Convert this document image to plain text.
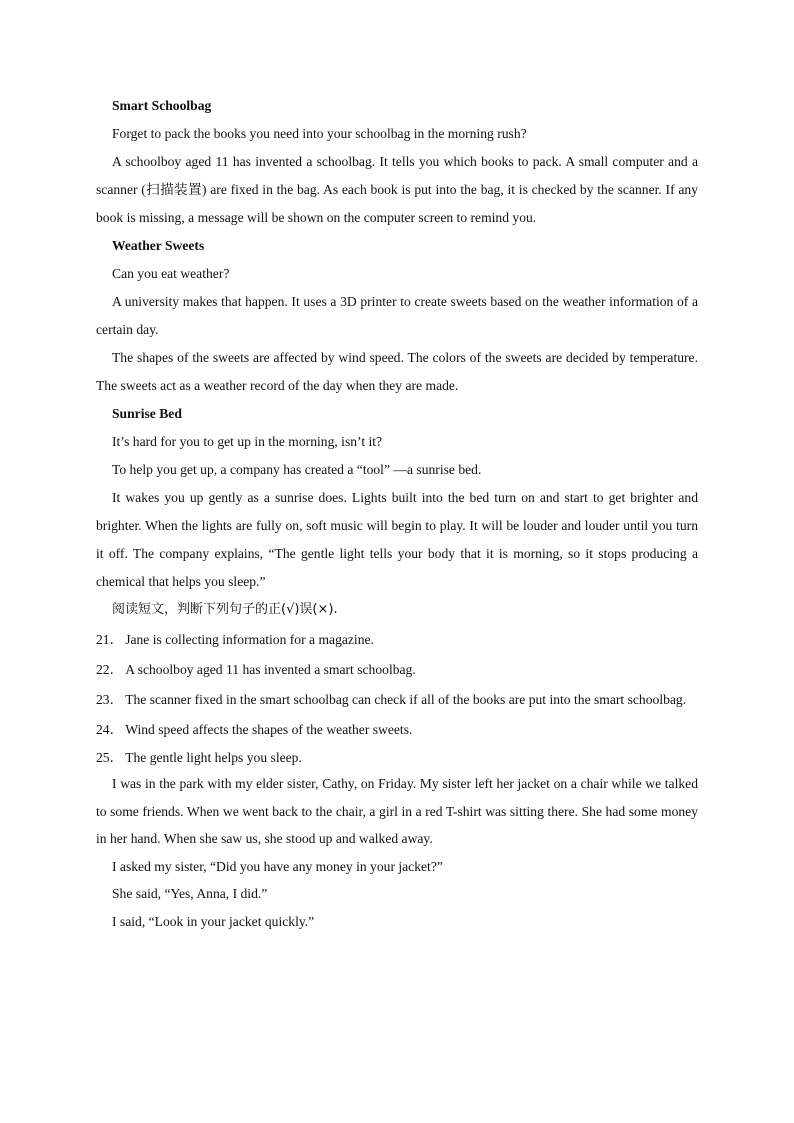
Smart Schoolbag

Forget to pack the books you need into your schoolbag in the morning rush?

A schoolboy aged 11 has invented a schoolbag. It tells you which books to pack. A small computer and a scanner (扫描装置) are fixed in the bag. As each book is put into the bag, it is checked by the scanner. If any book is missing, a message will be shown on the computer screen to remind you.

Weather Sweets

Can you eat weather?

A university makes that happen. It uses a 3D printer to create sweets based on the weather information of a certain day.

The shapes of the sweets are affected by wind speed. The colors of the sweets are decided by temperature. The sweets act as a weather record of the day when they are made.

Sunrise Bed

It’s hard for you to get up in the morning, isn’t it?

To help you get up, a company has created a “tool” —a sunrise bed.

It wakes you up gently as a sunrise does. Lights built into the bed turn on and start to get brighter and brighter. When the lights are fully on, soft music will begin to play. It will be louder and louder until you turn it off. The company explains, “The gentle light tells your body that it is morning, so it stops producing a chemical that helps you sleep.”

阅读短文，判断下列句子的正(√)误(×).
21． Jane is collecting information for a magazine.
22． A schoolboy aged 11 has invented a smart schoolbag.
23． The scanner fixed in the smart schoolbag can check if all of the books are put into the smart schoolbag.
24． Wind speed affects the shapes of the weather sweets.
25． The gentle light helps you sleep.

I was in the park with my elder sister, Cathy, on Friday. My sister left her jacket on a chair while we talked to some friends. When we went back to the chair, a girl in a red T-shirt was sitting there. She had some money in her hand. When she saw us, she stood up and walked away.

I asked my sister, “Did you have any money in your jacket?”

She said, “Yes, Anna, I did.”

I said, “Look in your jacket quickly.”
